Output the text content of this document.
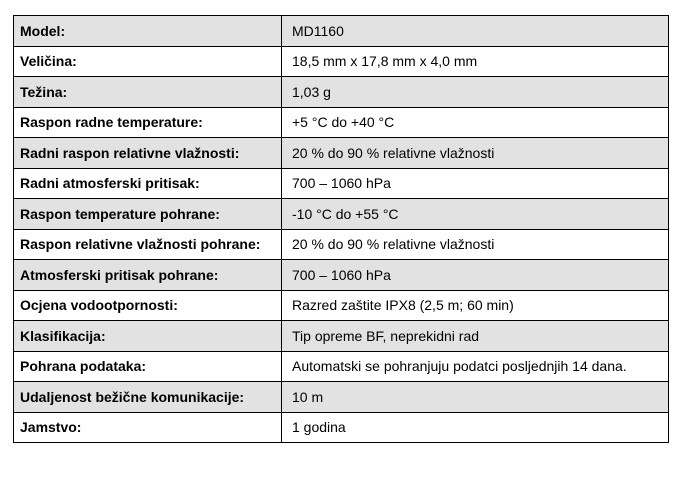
Model:	MD1160
Veličina:	18,5 mm x 17,8 mm x 4,0 mm
Težina:	1,03 g
Raspon radne temperature:	+5 °C do +40 °C
Radni raspon relativne vlažnosti:	20 % do 90 % relativne vlažnosti
Radni atmosferski pritisak:	700 – 1060 hPa
Raspon temperature pohrane:	-10 °C do +55 °C
Raspon relativne vlažnosti pohrane:	20 % do 90 % relativne vlažnosti
Atmosferski pritisak pohrane:	700 – 1060 hPa
Ocjena vodootpornosti:	Razred zaštite IPX8 (2,5 m; 60 min)
Klasifikacija:	Tip opreme BF, neprekidni rad
Pohrana podataka:	Automatski se pohranjuju podatci posljednjih 14 dana.
Udaljenost bežične komunikacije:	10 m
Jamstvo:	1 godina
